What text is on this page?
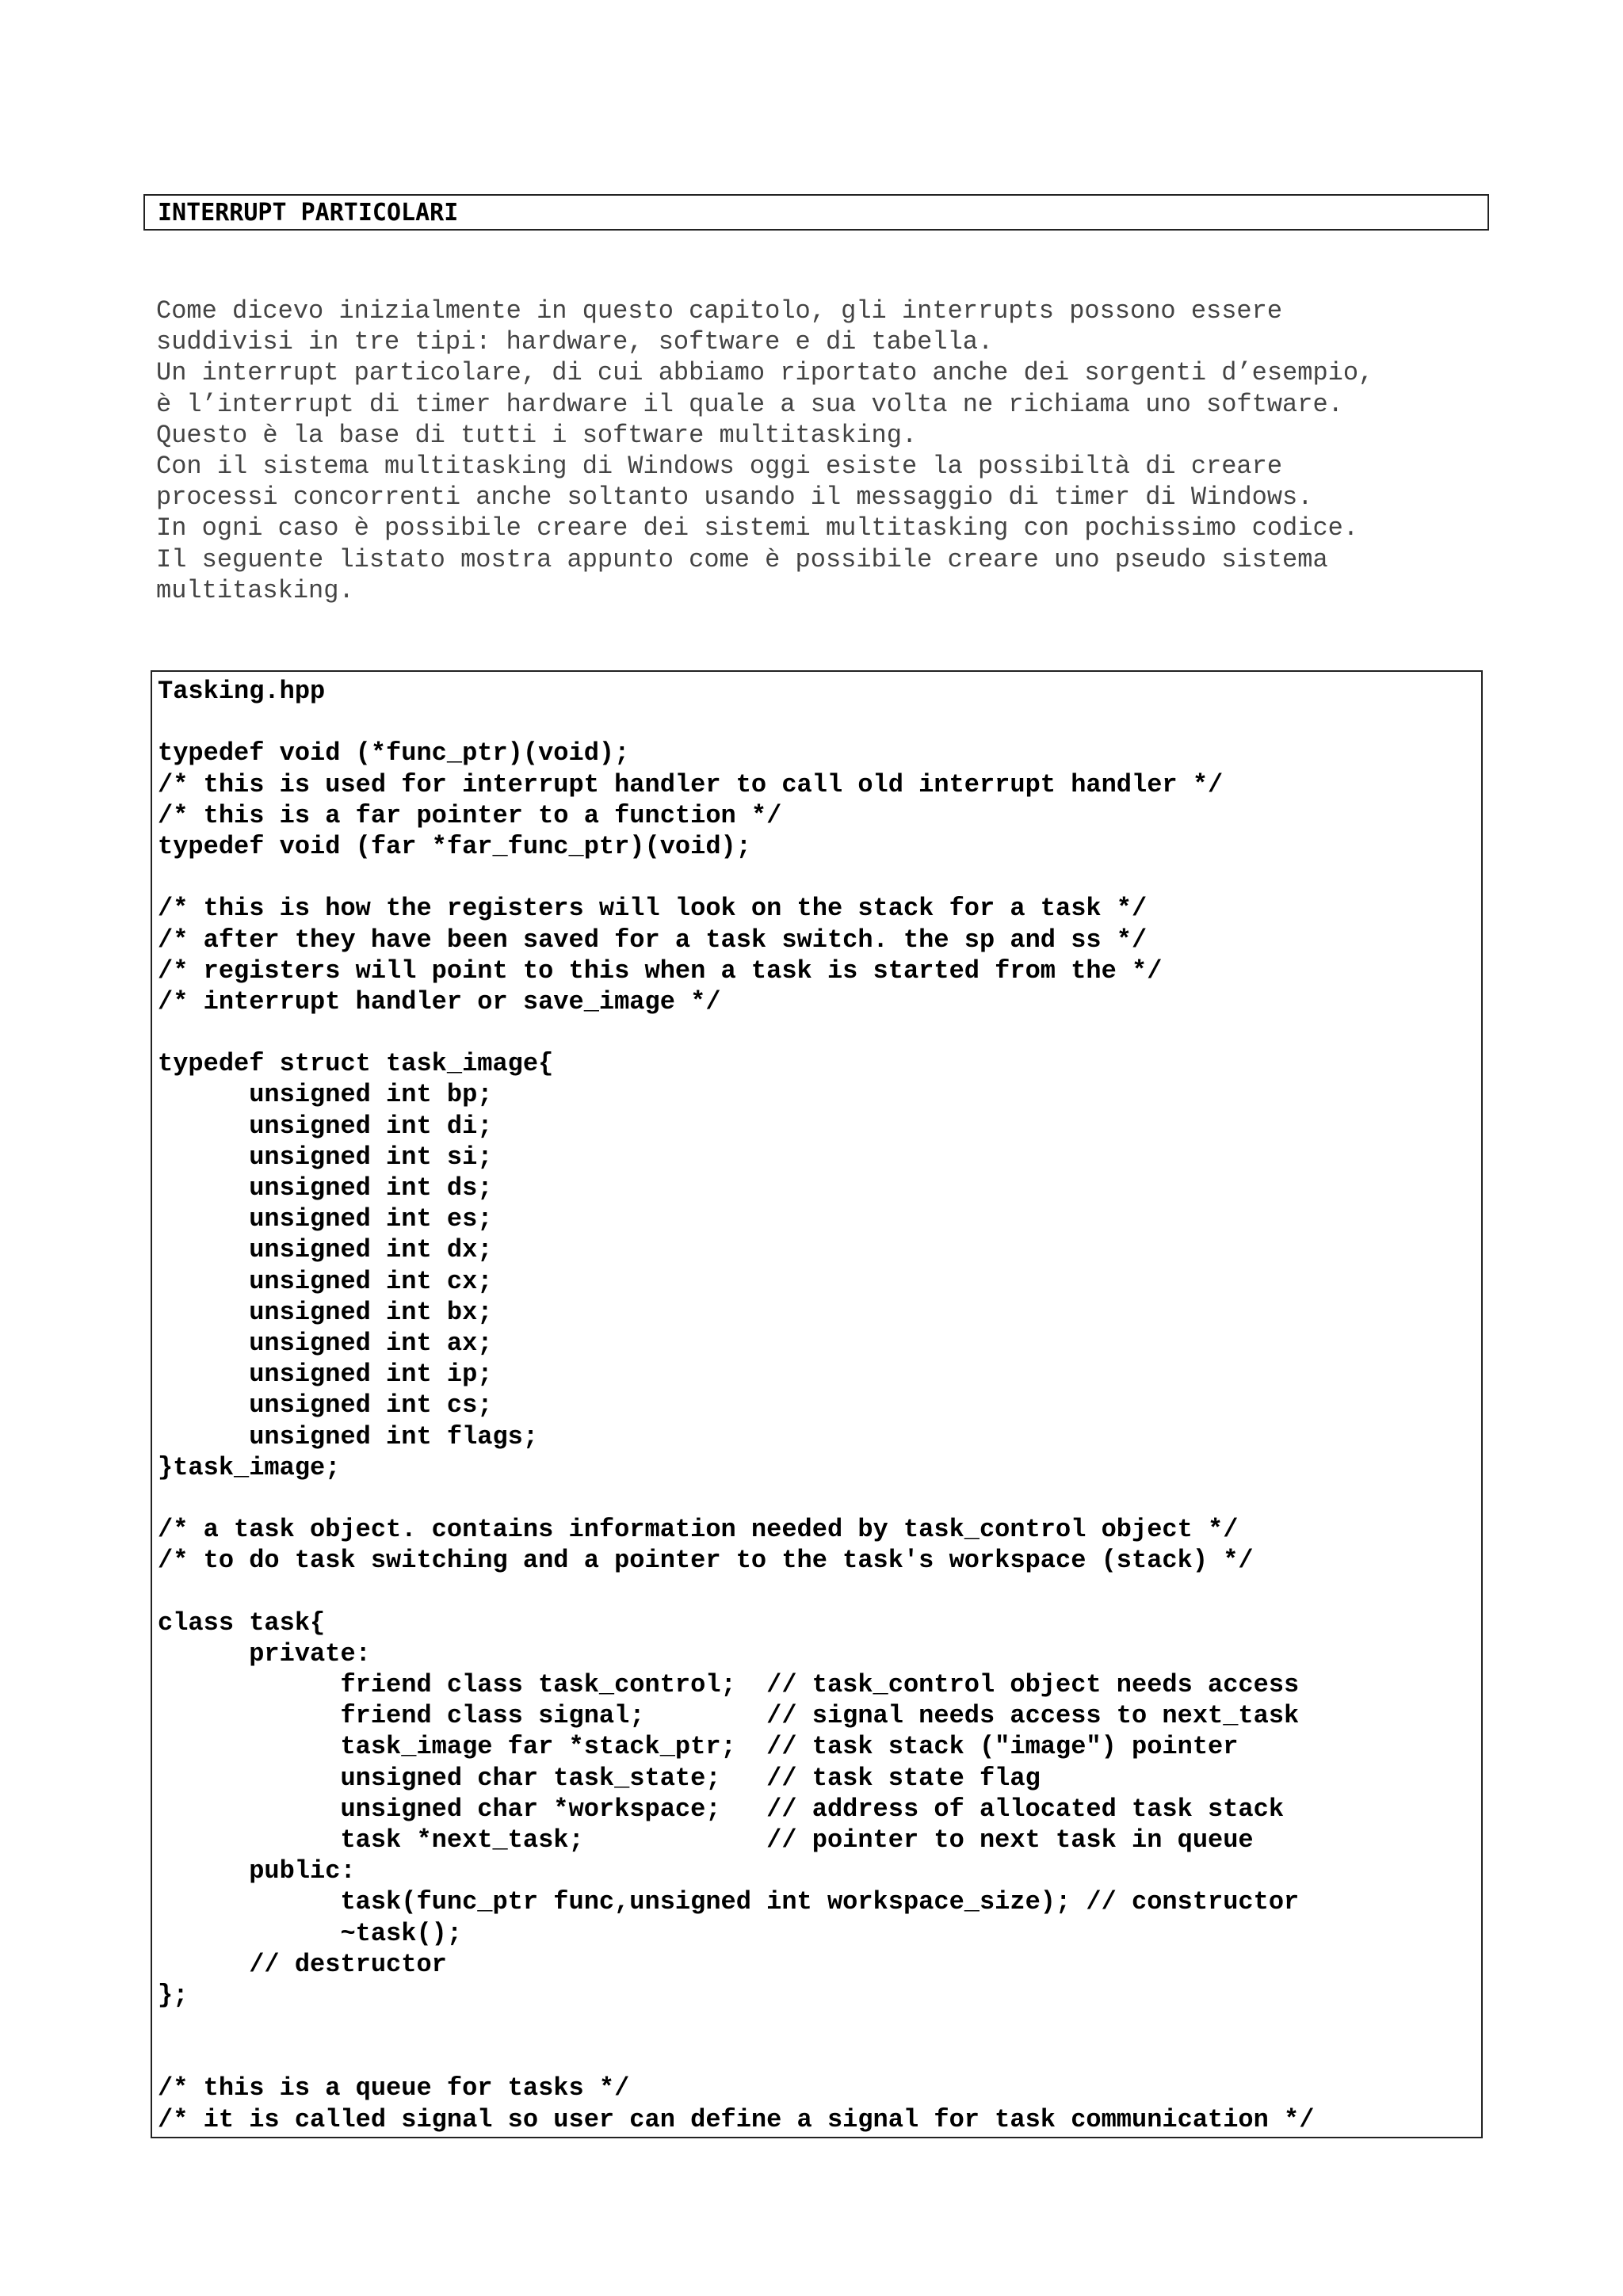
INTERRUPT PARTICOLARI
Come dicevo inizialmente in questo capitolo, gli interrupts possono essere
suddivisi in tre tipi: hardware, software e di tabella.
Un interrupt particolare, di cui abbiamo riportato anche dei sorgenti d’esempio,
è l’interrupt di timer hardware il quale a sua volta ne richiama uno software.
Questo è la base di tutti i software multitasking.
Con il sistema multitasking di Windows oggi esiste la possibiltà di creare
processi concorrenti anche soltanto usando il messaggio di timer di Windows.
In ogni caso è possibile creare dei sistemi multitasking con pochissimo codice.
Il seguente listato mostra appunto come è possibile creare uno pseudo sistema
multitasking.
Tasking.hpp
typedef void (*func_ptr)(void);
/* this is used for interrupt handler to call old interrupt handler */
/* this is a far pointer to a function */
typedef void (far *far_func_ptr)(void);
/* this is how the registers will look on the stack for a task */
/* after they have been saved for a task switch. the sp and ss */
/* registers will point to this when a task is started from the */
/* interrupt handler or save_image */
typedef struct task_image{
unsigned int bp;
unsigned int di;
unsigned int si;
unsigned int ds;
unsigned int es;
unsigned int dx;
unsigned int cx;
unsigned int bx;
unsigned int ax;
unsigned int ip;
unsigned int cs;
unsigned int flags;
}task_image;
/* a task object. contains information needed by task_control object */
/* to do task switching and a pointer to the task's workspace (stack) */
class task{
private:
friend class task_control;  // task_control object needs access
friend class signal;        // signal needs access to next_task
task_image far *stack_ptr;  // task stack ("image") pointer
unsigned char task_state;   // task state flag
unsigned char *workspace;   // address of allocated task stack
task *next_task;            // pointer to next task in queue
public:
task(func_ptr func,unsigned int workspace_size); // constructor
~task();
// destructor
};
/* this is a queue for tasks */
/* it is called signal so user can define a signal for task communication */
